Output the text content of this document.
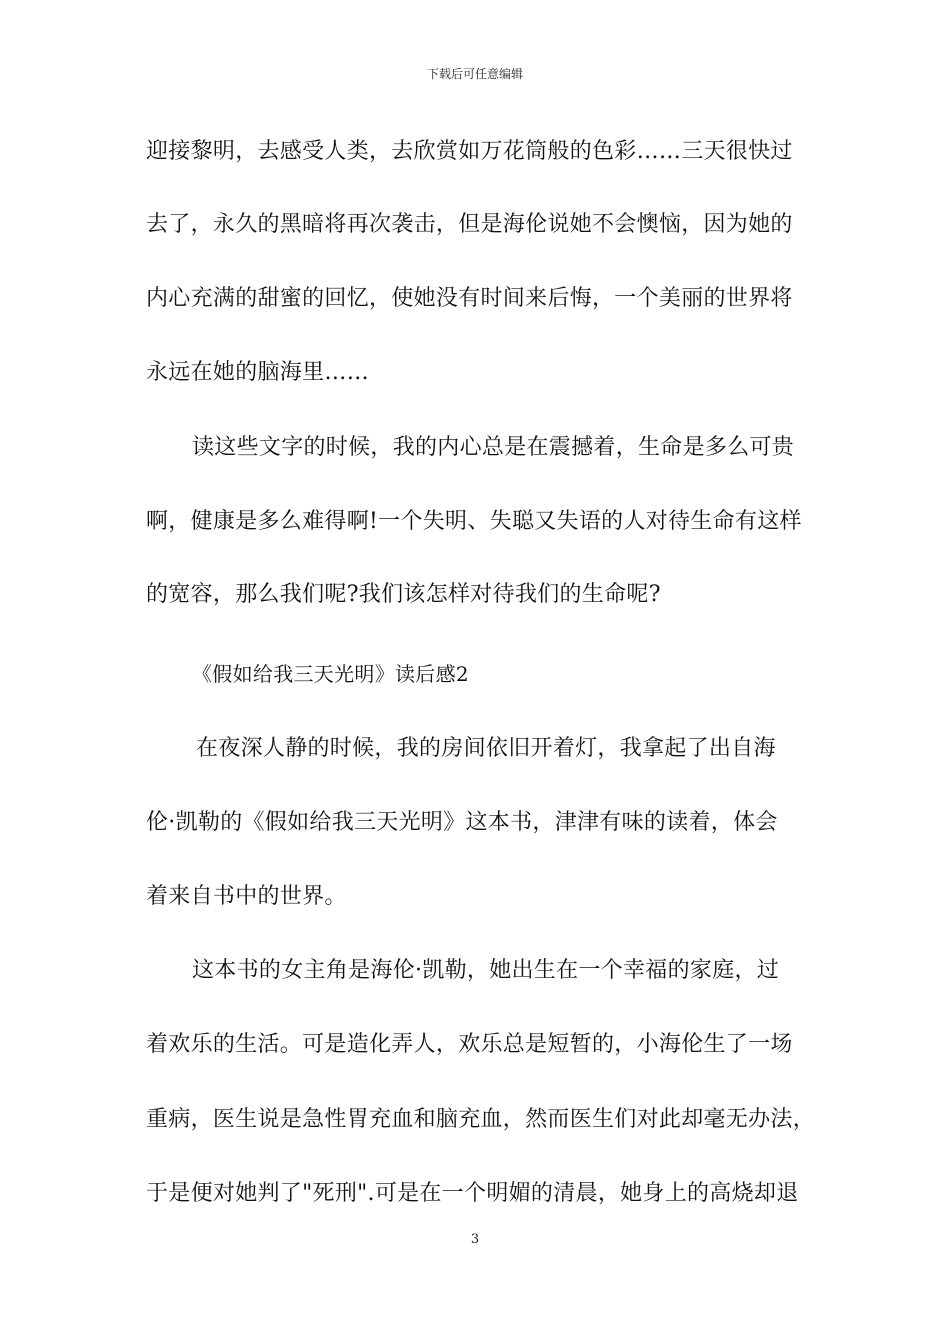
下载后可任意编辑
迎接黎明，去感受人类，去欣赏如万花筒般的色彩……三天很快过
去了，永久的黑暗将再次袭击，但是海伦说她不会懊恼，因为她的
内心充满的甜蜜的回忆，使她没有时间来后悔，一个美丽的世界将
永远在她的脑海里……
读这些文字的时候，我的内心总是在震撼着，生命是多么可贵
啊，健康是多么难得啊!一个失明、失聪又失语的人对待生命有这样
的宽容，那么我们呢?我们该怎样对待我们的生命呢?
《假如给我三天光明》读后感2
在夜深人静的时候，我的房间依旧开着灯，我拿起了出自海
伦·凯勒的《假如给我三天光明》这本书，津津有味的读着，体会
着来自书中的世界。
这本书的女主角是海伦·凯勒，她出生在一个幸福的家庭，过
着欢乐的生活。可是造化弄人，欢乐总是短暂的，小海伦生了一场
重病，医生说是急性胃充血和脑充血，然而医生们对此却毫无办法，
于是便对她判了"死刑".可是在一个明媚的清晨，她身上的高烧却退
3
